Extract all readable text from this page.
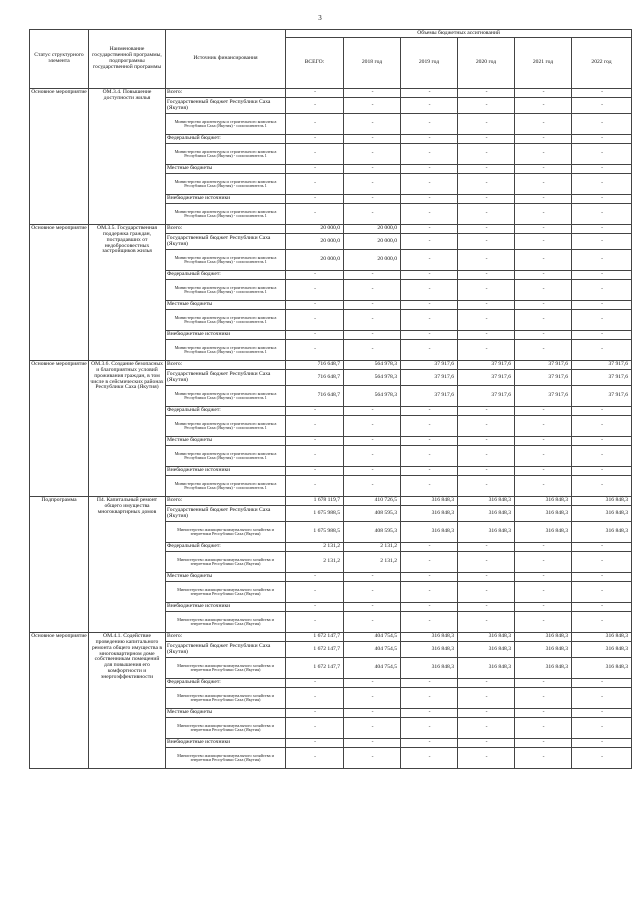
3
Статус структурного элемента	Наименование государственной программы, подпрограммы государственной программы	Источник финансирования	Объемы бюджетных ассигнований					
			ВСЕГО:	2018 год	2019 год	2020 год	2021 год	2022 год
Основное мероприятие	ОМ.3.4. Повышение доступности жилья	Всего:	-	-	-	-	-	-
		Государственный бюджет Республики Саха (Якутия)	-	-	-	-	-	-
		Министерство архитектуры и строительного комплекса Республики Саха (Якутия) - соисполнитель 1	-	-	-	-	-	-
		Федеральный бюджет:	-	-	-	-	-	-
		Министерство архитектуры и строительного комплекса Республики Саха (Якутия) - соисполнитель 1	-	-	-	-	-	-
		Местные бюджеты	-	-	-	-	-	-
		Министерство архитектуры и строительного комплекса Республики Саха (Якутия) - соисполнитель 1	-	-	-	-	-	-
		Внебюджетные источники	-	-	-	-	-	-
		Министерство архитектуры и строительного комплекса Республики Саха (Якутия) - соисполнитель 1	-	-	-	-	-	-
Основное мероприятие	ОМ.3.5. Государственная поддержка граждан, пострадавших от недобросовестных застройщиков жилья	Всего:	20 000,0	20 000,0	-	-	-	-
		Государственный бюджет Республики Саха (Якутия)	20 000,0	20 000,0	-	-	-	-
		Министерство архитектуры и строительного комплекса Республики Саха (Якутия) - соисполнитель 1	20 000,0	20 000,0	-	-	-	-
		Федеральный бюджет:	-	-	-	-	-	-
		Министерство архитектуры и строительного комплекса Республики Саха (Якутия) - соисполнитель 1	-	-	-	-	-	-
		Местные бюджеты	-	-	-	-	-	-
		Министерство архитектуры и строительного комплекса Республики Саха (Якутия) - соисполнитель 1	-	-	-	-	-	-
		Внебюджетные источники	-	-	-	-	-	-
		Министерство архитектуры и строительного комплекса Республики Саха (Якутия) - соисполнитель 1	-	-	-	-	-	-
Основное мероприятие	ОМ.3.6. Создание безопасных и благоприятных условий проживания граждан, в том числе в сейсмических районах Республики Саха (Якутия)	Всего:	716 648,7	564 978,3	37 917,6	37 917,6	37 917,6	37 917,6
		Государственный бюджет Республики Саха (Якутия)	716 648,7	564 978,3	37 917,6	37 917,6	37 917,6	37 917,6
		Министерство архитектуры и строительного комплекса Республики Саха (Якутия) - соисполнитель 1	716 648,7	564 978,3	37 917,6	37 917,6	37 917,6	37 917,6
		Федеральный бюджет:	-	-	-	-	-	-
		Министерство архитектуры и строительного комплекса Республики Саха (Якутия) - соисполнитель 1	-	-	-	-	-	-
		Местные бюджеты	-	-	-	-	-	-
		Министерство архитектуры и строительного комплекса Республики Саха (Якутия) - соисполнитель 1	-	-	-	-	-	-
		Внебюджетные источники	-	-	-	-	-	-
		Министерство архитектуры и строительного комплекса Республики Саха (Якутия) - соисполнитель 1	-	-	-	-	-	-
Подпрограмма	П4. Капитальный ремонт общего имущества многоквартирных домов	Всего:	1 678 119,7	410 726,5	316 848,3	316 848,3	316 848,3	316 848,3
		Государственный бюджет Республики Саха (Якутия)	1 675 988,5	408 595,3	316 848,3	316 848,3	316 848,3	316 848,3
		Министерство жилищно-коммунального хозяйства и энергетики Республики Саха (Якутия)	1 675 988,5	408 595,3	316 848,3	316 848,3	316 848,3	316 848,3
		Федеральный бюджет:	2 131,2	2 131,2	-	-	-	-
		Министерство жилищно-коммунального хозяйства и энергетики Республики Саха (Якутия)	2 131,2	2 131,2	-	-	-	-
		Местные бюджеты	-	-	-	-	-	-
		Министерство жилищно-коммунального хозяйства и энергетики Республики Саха (Якутия)	-	-	-	-	-	-
		Внебюджетные источники	-	-	-	-	-	-
		Министерство жилищно-коммунального хозяйства и энергетики Республики Саха (Якутия)	-	-	-	-	-	-
Основное мероприятие	ОМ.4.1. Содействие проведению капитального ремонта общего имущества в многоквартирном доме собственникам помещений для повышения его комфортности и энергоэффективности	Всего:	1 672 147,7	404 754,5	316 848,3	316 848,3	316 848,3	316 848,3
		Государственный бюджет Республики Саха (Якутия)	1 672 147,7	404 754,5	316 848,3	316 848,3	316 848,3	316 848,3
		Министерство жилищно-коммунального хозяйства и энергетики Республики Саха (Якутия)	1 672 147,7	404 754,5	316 848,3	316 848,3	316 848,3	316 848,3
		Федеральный бюджет:	-	-	-	-	-	-
		Министерство жилищно-коммунального хозяйства и энергетики Республики Саха (Якутия)	-	-	-	-	-	-
		Местные бюджеты	-	-	-	-	-	-
		Министерство жилищно-коммунального хозяйства и энергетики Республики Саха (Якутия)	-	-	-	-	-	-
		Внебюджетные источники	-	-	-	-	-	-
		Министерство жилищно-коммунального хозяйства и энергетики Республики Саха (Якутия)	-	-	-	-	-	-
